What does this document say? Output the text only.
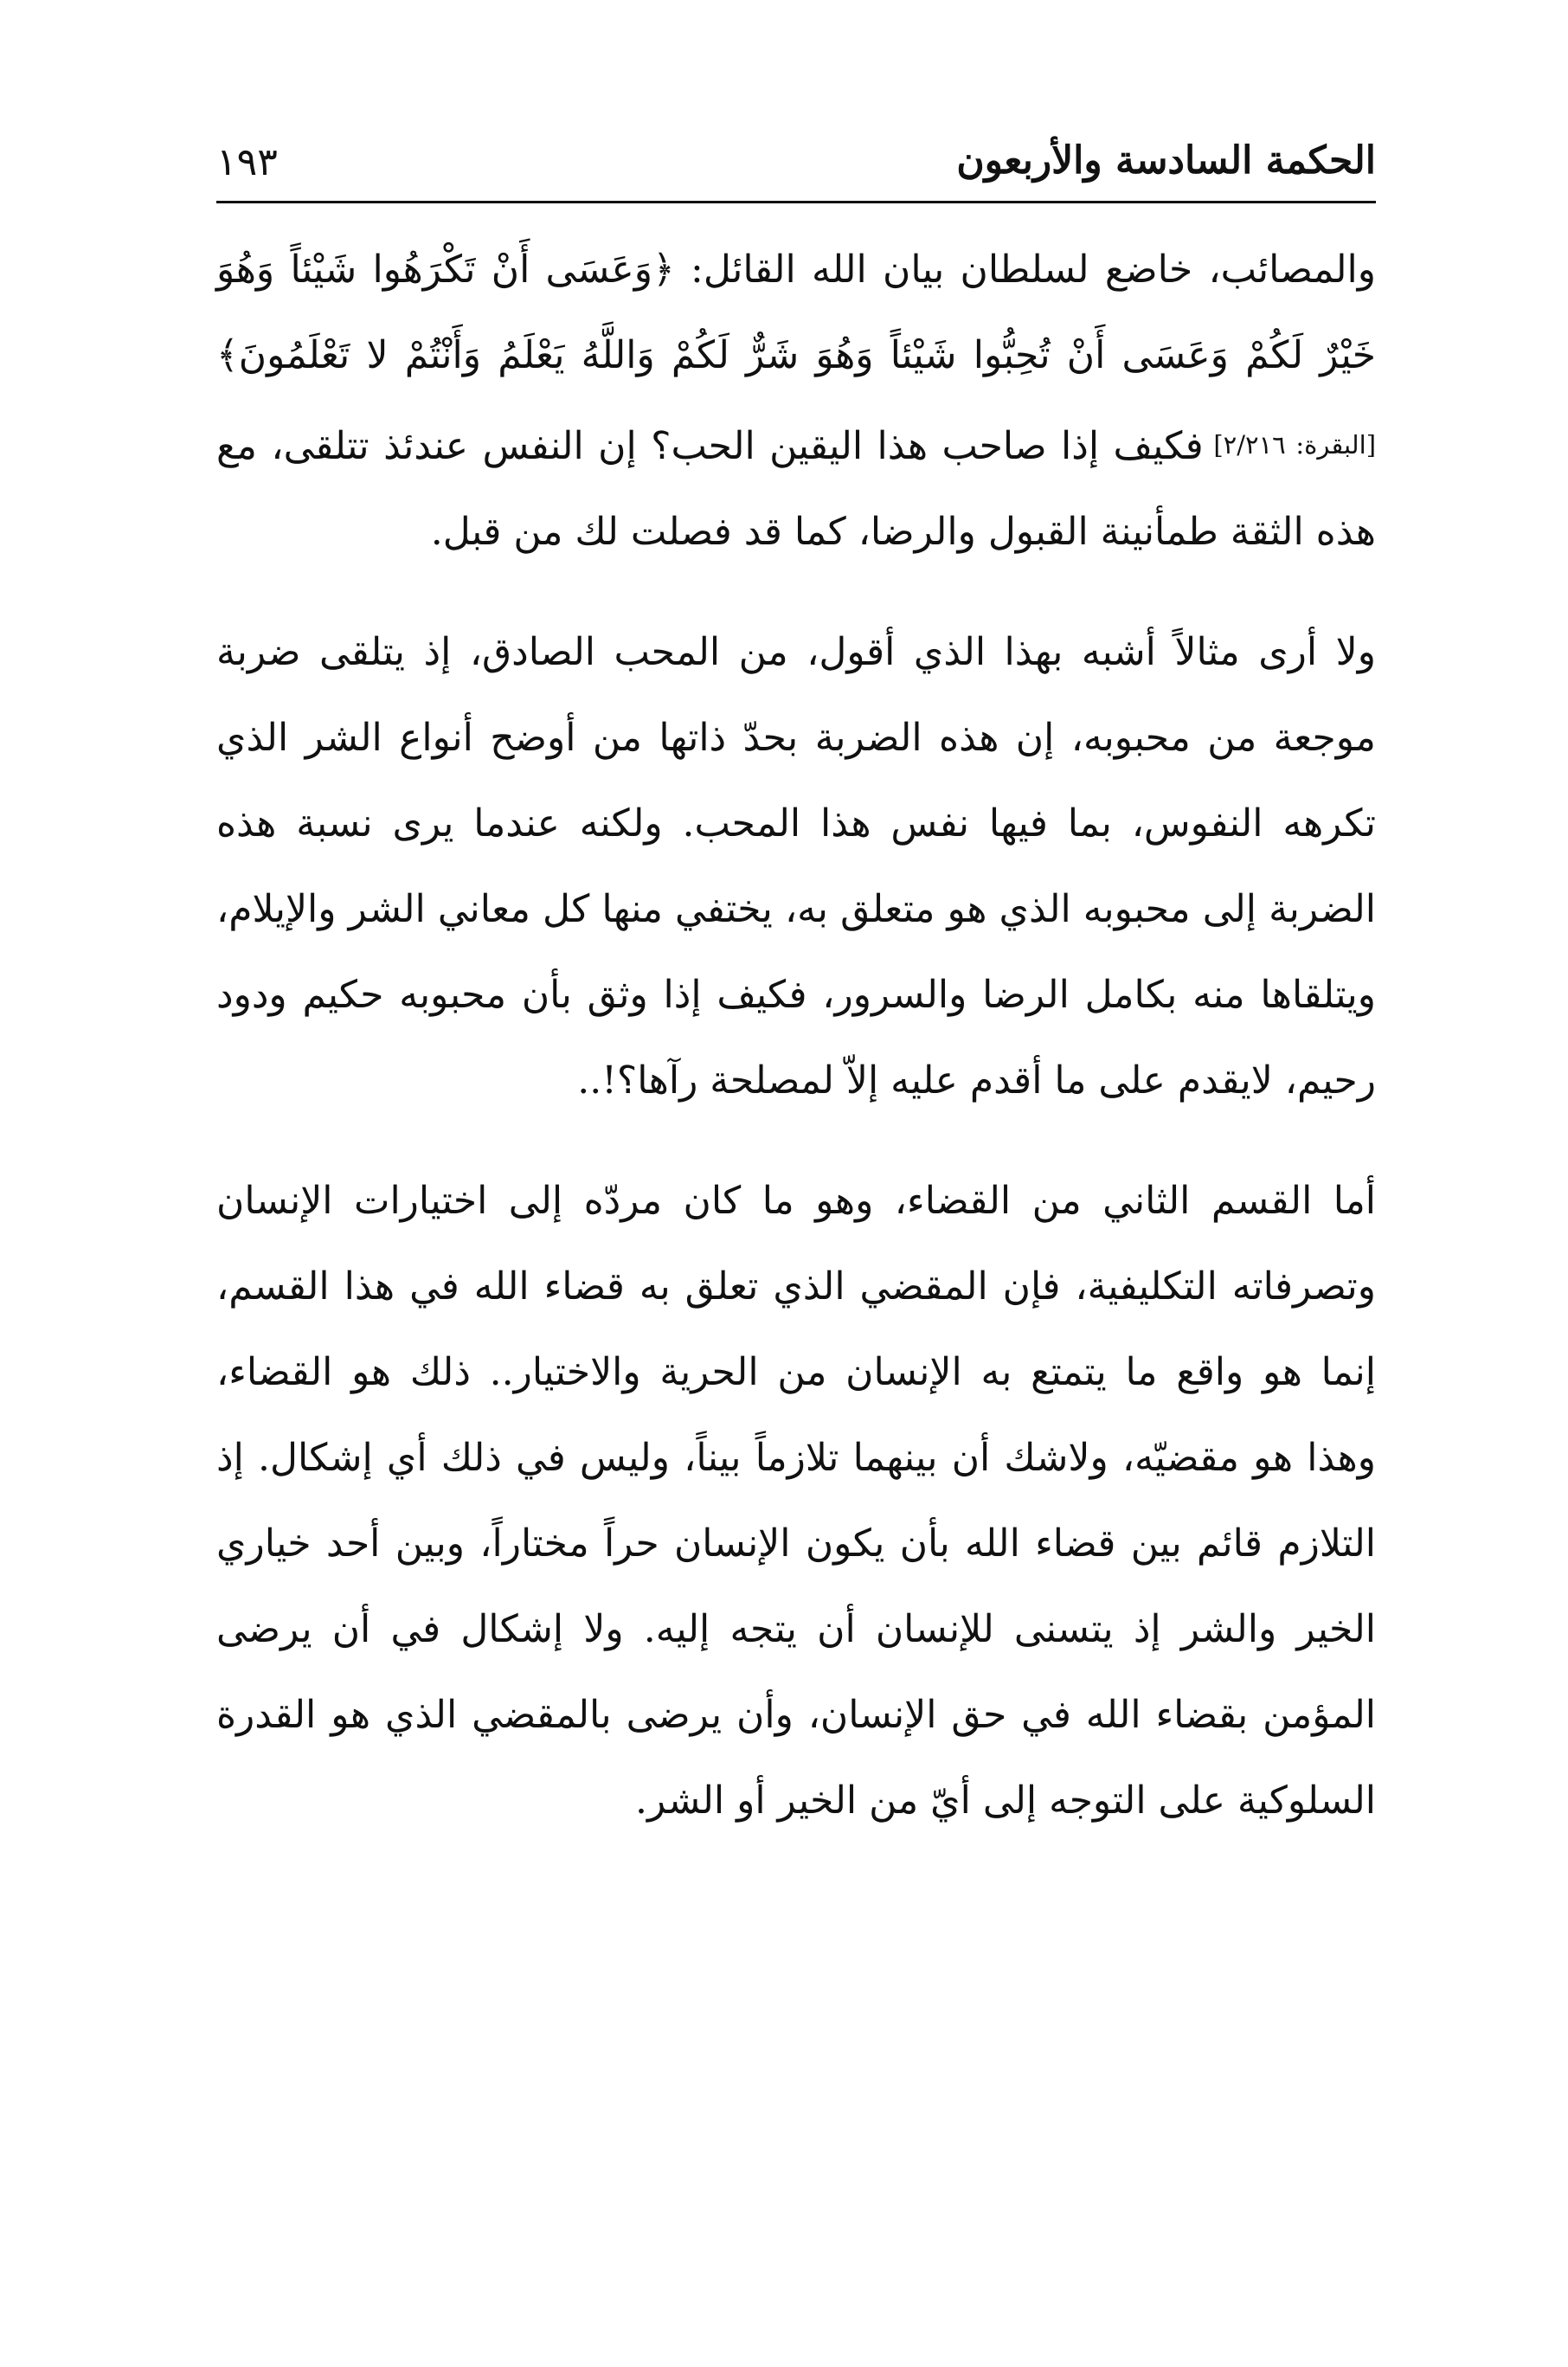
الحكمة السادسة والأربعون
١٩٣

والمصائب، خاضع لسلطان بيان الله القائل: ﴿وَعَسَى أَنْ تَكْرَهُوا شَيْئاً وَهُوَ خَيْرٌ لَكُمْ وَعَسَى أَنْ تُحِبُّوا شَيْئاً وَهُوَ شَرٌّ لَكُمْ وَاللَّهُ يَعْلَمُ وَأَنْتُمْ لا تَعْلَمُونَ﴾ [البقرة: ٢/٢١٦] فكيف إذا صاحب هذا اليقين الحب؟ إن النفس عندئذ تتلقى، مع هذه الثقة طمأنينة القبول والرضا، كما قد فصلت لك من قبل.

ولا أرى مثالاً أشبه بهذا الذي أقول، من المحب الصادق، إذ يتلقى ضربة موجعة من محبوبه، إن هذه الضربة بحدّ ذاتها من أوضح أنواع الشر الذي تكرهه النفوس، بما فيها نفس هذا المحب. ولكنه عندما يرى نسبة هذه الضربة إلى محبوبه الذي هو متعلق به، يختفي منها كل معاني الشر والإيلام، ويتلقاها منه بكامل الرضا والسرور، فكيف إذا وثق بأن محبوبه حكيم ودود رحيم، لايقدم على ما أقدم عليه إلاّ لمصلحة رآها؟!..

أما القسم الثاني من القضاء، وهو ما كان مردّه إلى اختيارات الإنسان وتصرفاته التكليفية، فإن المقضي الذي تعلق به قضاء الله في هذا القسم، إنما هو واقع ما يتمتع به الإنسان من الحرية والاختيار.. ذلك هو القضاء، وهذا هو مقضيّه، ولاشك أن بينهما تلازماً بيناً، وليس في ذلك أي إشكال. إذ التلازم قائم بين قضاء الله بأن يكون الإنسان حراً مختاراً، وبين أحد خياري الخير والشر إذ يتسنى للإنسان أن يتجه إليه. ولا إشكال في أن يرضى المؤمن بقضاء الله في حق الإنسان، وأن يرضى بالمقضي الذي هو القدرة السلوكية على التوجه إلى أيّ من الخير أو الشر.
